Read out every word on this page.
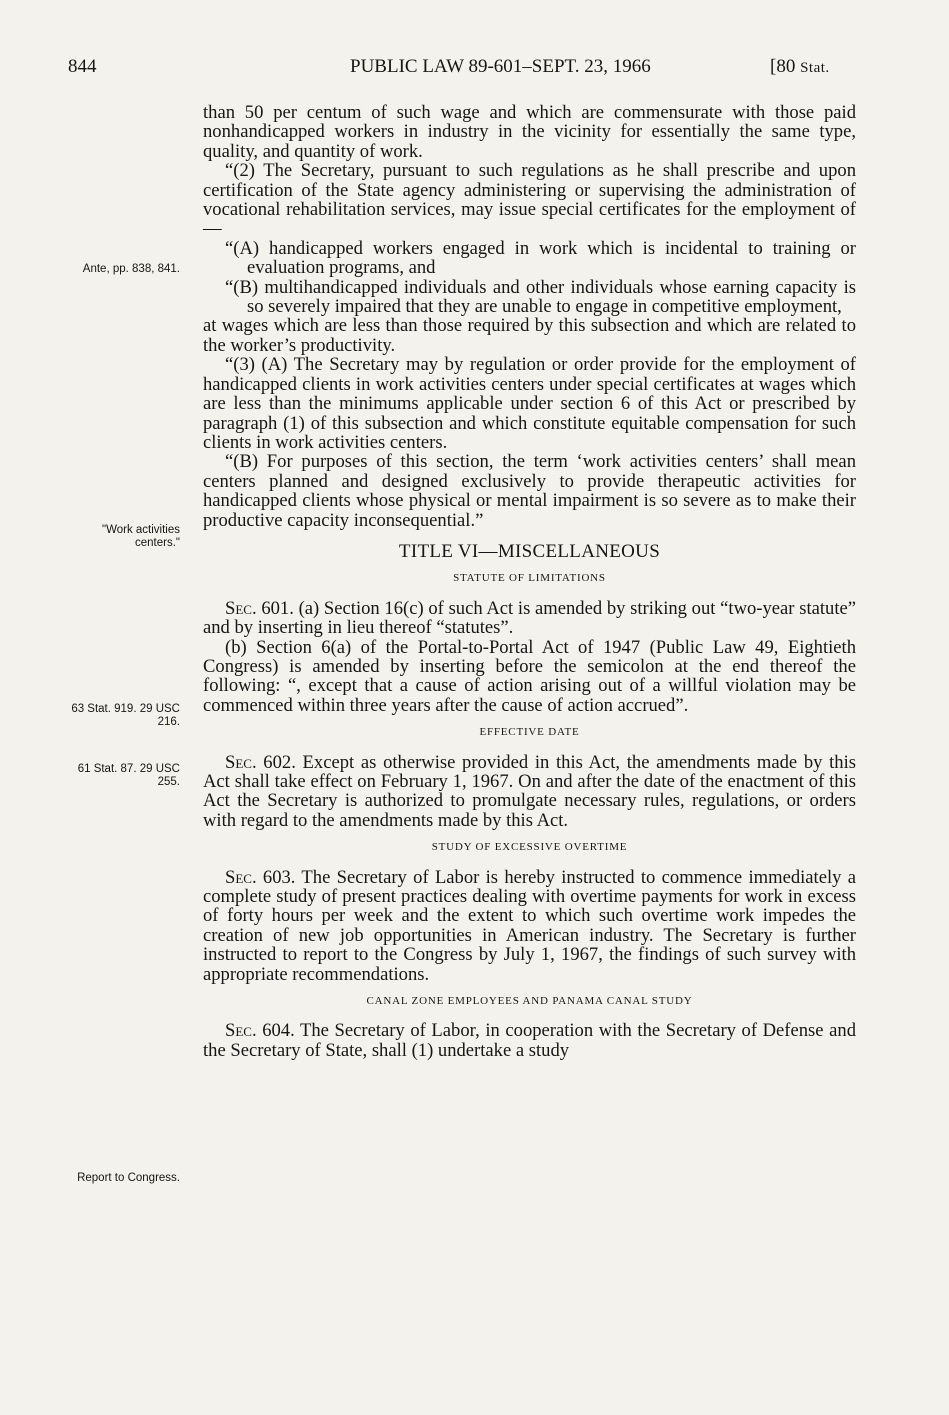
844	PUBLIC LAW 89-601–SEPT. 23, 1966	[80 Stat.
Ante, pp. 838, 841.
"Work activities centers."
63 Stat. 919. 29 USC 216.
61 Stat. 87. 29 USC 255.
Report to Congress.

than 50 per centum of such wage and which are commensurate with those paid nonhandicapped workers in industry in the vicinity for essentially the same type, quality, and quantity of work.

“(2) The Secretary, pursuant to such regulations as he shall prescribe and upon certification of the State agency administering or supervising the administration of vocational rehabilitation services, may issue special certificates for the employment of—

“(A) handicapped workers engaged in work which is incidental to training or evaluation programs, and

“(B) multihandicapped individuals and other individuals whose earning capacity is so severely impaired that they are unable to engage in competitive employment,

at wages which are less than those required by this subsection and which are related to the worker’s productivity.

“(3) (A) The Secretary may by regulation or order provide for the employment of handicapped clients in work activities centers under special certificates at wages which are less than the minimums applicable under section 6 of this Act or prescribed by paragraph (1) of this subsection and which constitute equitable compensation for such clients in work activities centers.

“(B) For purposes of this section, the term ‘work activities centers’ shall mean centers planned and designed exclusively to provide therapeutic activities for handicapped clients whose physical or mental impairment is so severe as to make their productive capacity inconsequential.”

TITLE VI—MISCELLANEOUS

STATUTE OF LIMITATIONS

Sec. 601. (a) Section 16(c) of such Act is amended by striking out “two-year statute” and by inserting in lieu thereof “statutes”.

(b) Section 6(a) of the Portal-to-Portal Act of 1947 (Public Law 49, Eightieth Congress) is amended by inserting before the semicolon at the end thereof the following: “, except that a cause of action arising out of a willful violation may be commenced within three years after the cause of action accrued”.

EFFECTIVE DATE

Sec. 602. Except as otherwise provided in this Act, the amendments made by this Act shall take effect on February 1, 1967. On and after the date of the enactment of this Act the Secretary is authorized to promulgate necessary rules, regulations, or orders with regard to the amendments made by this Act.

STUDY OF EXCESSIVE OVERTIME

Sec. 603. The Secretary of Labor is hereby instructed to commence immediately a complete study of present practices dealing with overtime payments for work in excess of forty hours per week and the extent to which such overtime work impedes the creation of new job opportunities in American industry. The Secretary is further instructed to report to the Congress by July 1, 1967, the findings of such survey with appropriate recommendations.

CANAL ZONE EMPLOYEES AND PANAMA CANAL STUDY

Sec. 604. The Secretary of Labor, in cooperation with the Secretary of Defense and the Secretary of State, shall (1) undertake a study
